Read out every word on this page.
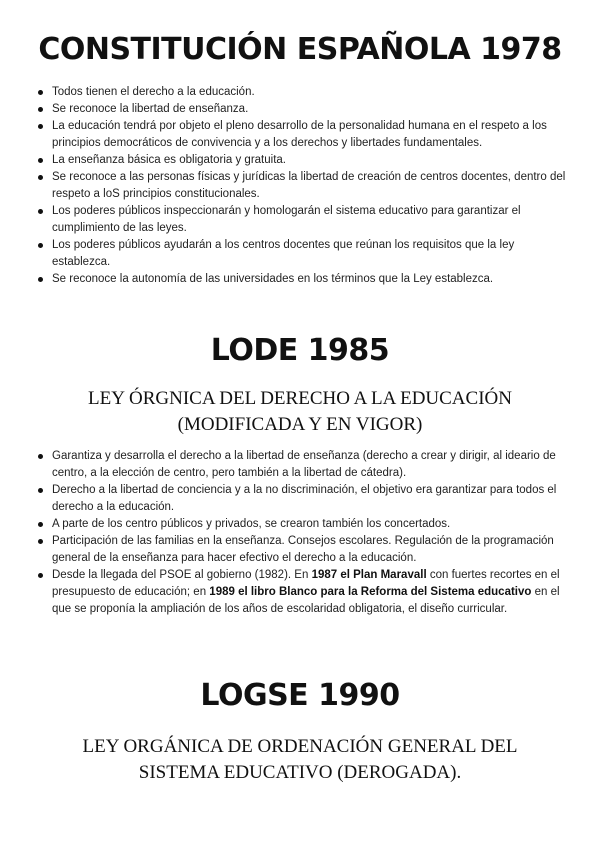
CONSTITUCIÓN ESPAÑOLA 1978
Todos tienen el derecho a la educación.
Se reconoce la libertad de enseñanza.
La educación tendrá por objeto el pleno desarrollo de la personalidad humana en el respeto a los principios democráticos de convivencia y a los derechos y libertades fundamentales.
La enseñanza básica es obligatoria y gratuita.
Se reconoce a las personas físicas y jurídicas la libertad de creación de centros docentes, dentro del respeto a loS principios constitucionales.
Los poderes públicos inspeccionarán y homologarán el sistema educativo para garantizar el cumplimiento de las leyes.
Los poderes públicos ayudarán a los centros docentes que reúnan los requisitos que la ley establezca.
Se reconoce la autonomía de las universidades en los términos que la Ley establezca.
LODE 1985
LEY ÓRGNICA DEL DERECHO A LA EDUCACIÓN
(MODIFICADA Y EN VIGOR)
Garantiza y desarrolla el derecho a la libertad de enseñanza (derecho a crear y dirigir, al ideario de centro, a la elección de centro, pero también a la libertad de cátedra).
Derecho a la libertad de conciencia y a la no discriminación, el objetivo era garantizar para todos el derecho a la educación.
A parte de los centro públicos y privados, se crearon también los concertados.
Participación de las familias en la enseñanza. Consejos escolares. Regulación de la programación general de la enseñanza para hacer efectivo el derecho a la educación.
Desde la llegada del PSOE al gobierno (1982). En 1987 el Plan Maravall con fuertes recortes en el presupuesto de educación; en 1989 el libro Blanco para la Reforma del Sistema educativo en el que se proponía la ampliación de los años de escolaridad obligatoria, el diseño curricular.
LOGSE 1990
LEY ORGÁNICA DE ORDENACIÓN GENERAL DEL
SISTEMA EDUCATIVO (DEROGADA).
